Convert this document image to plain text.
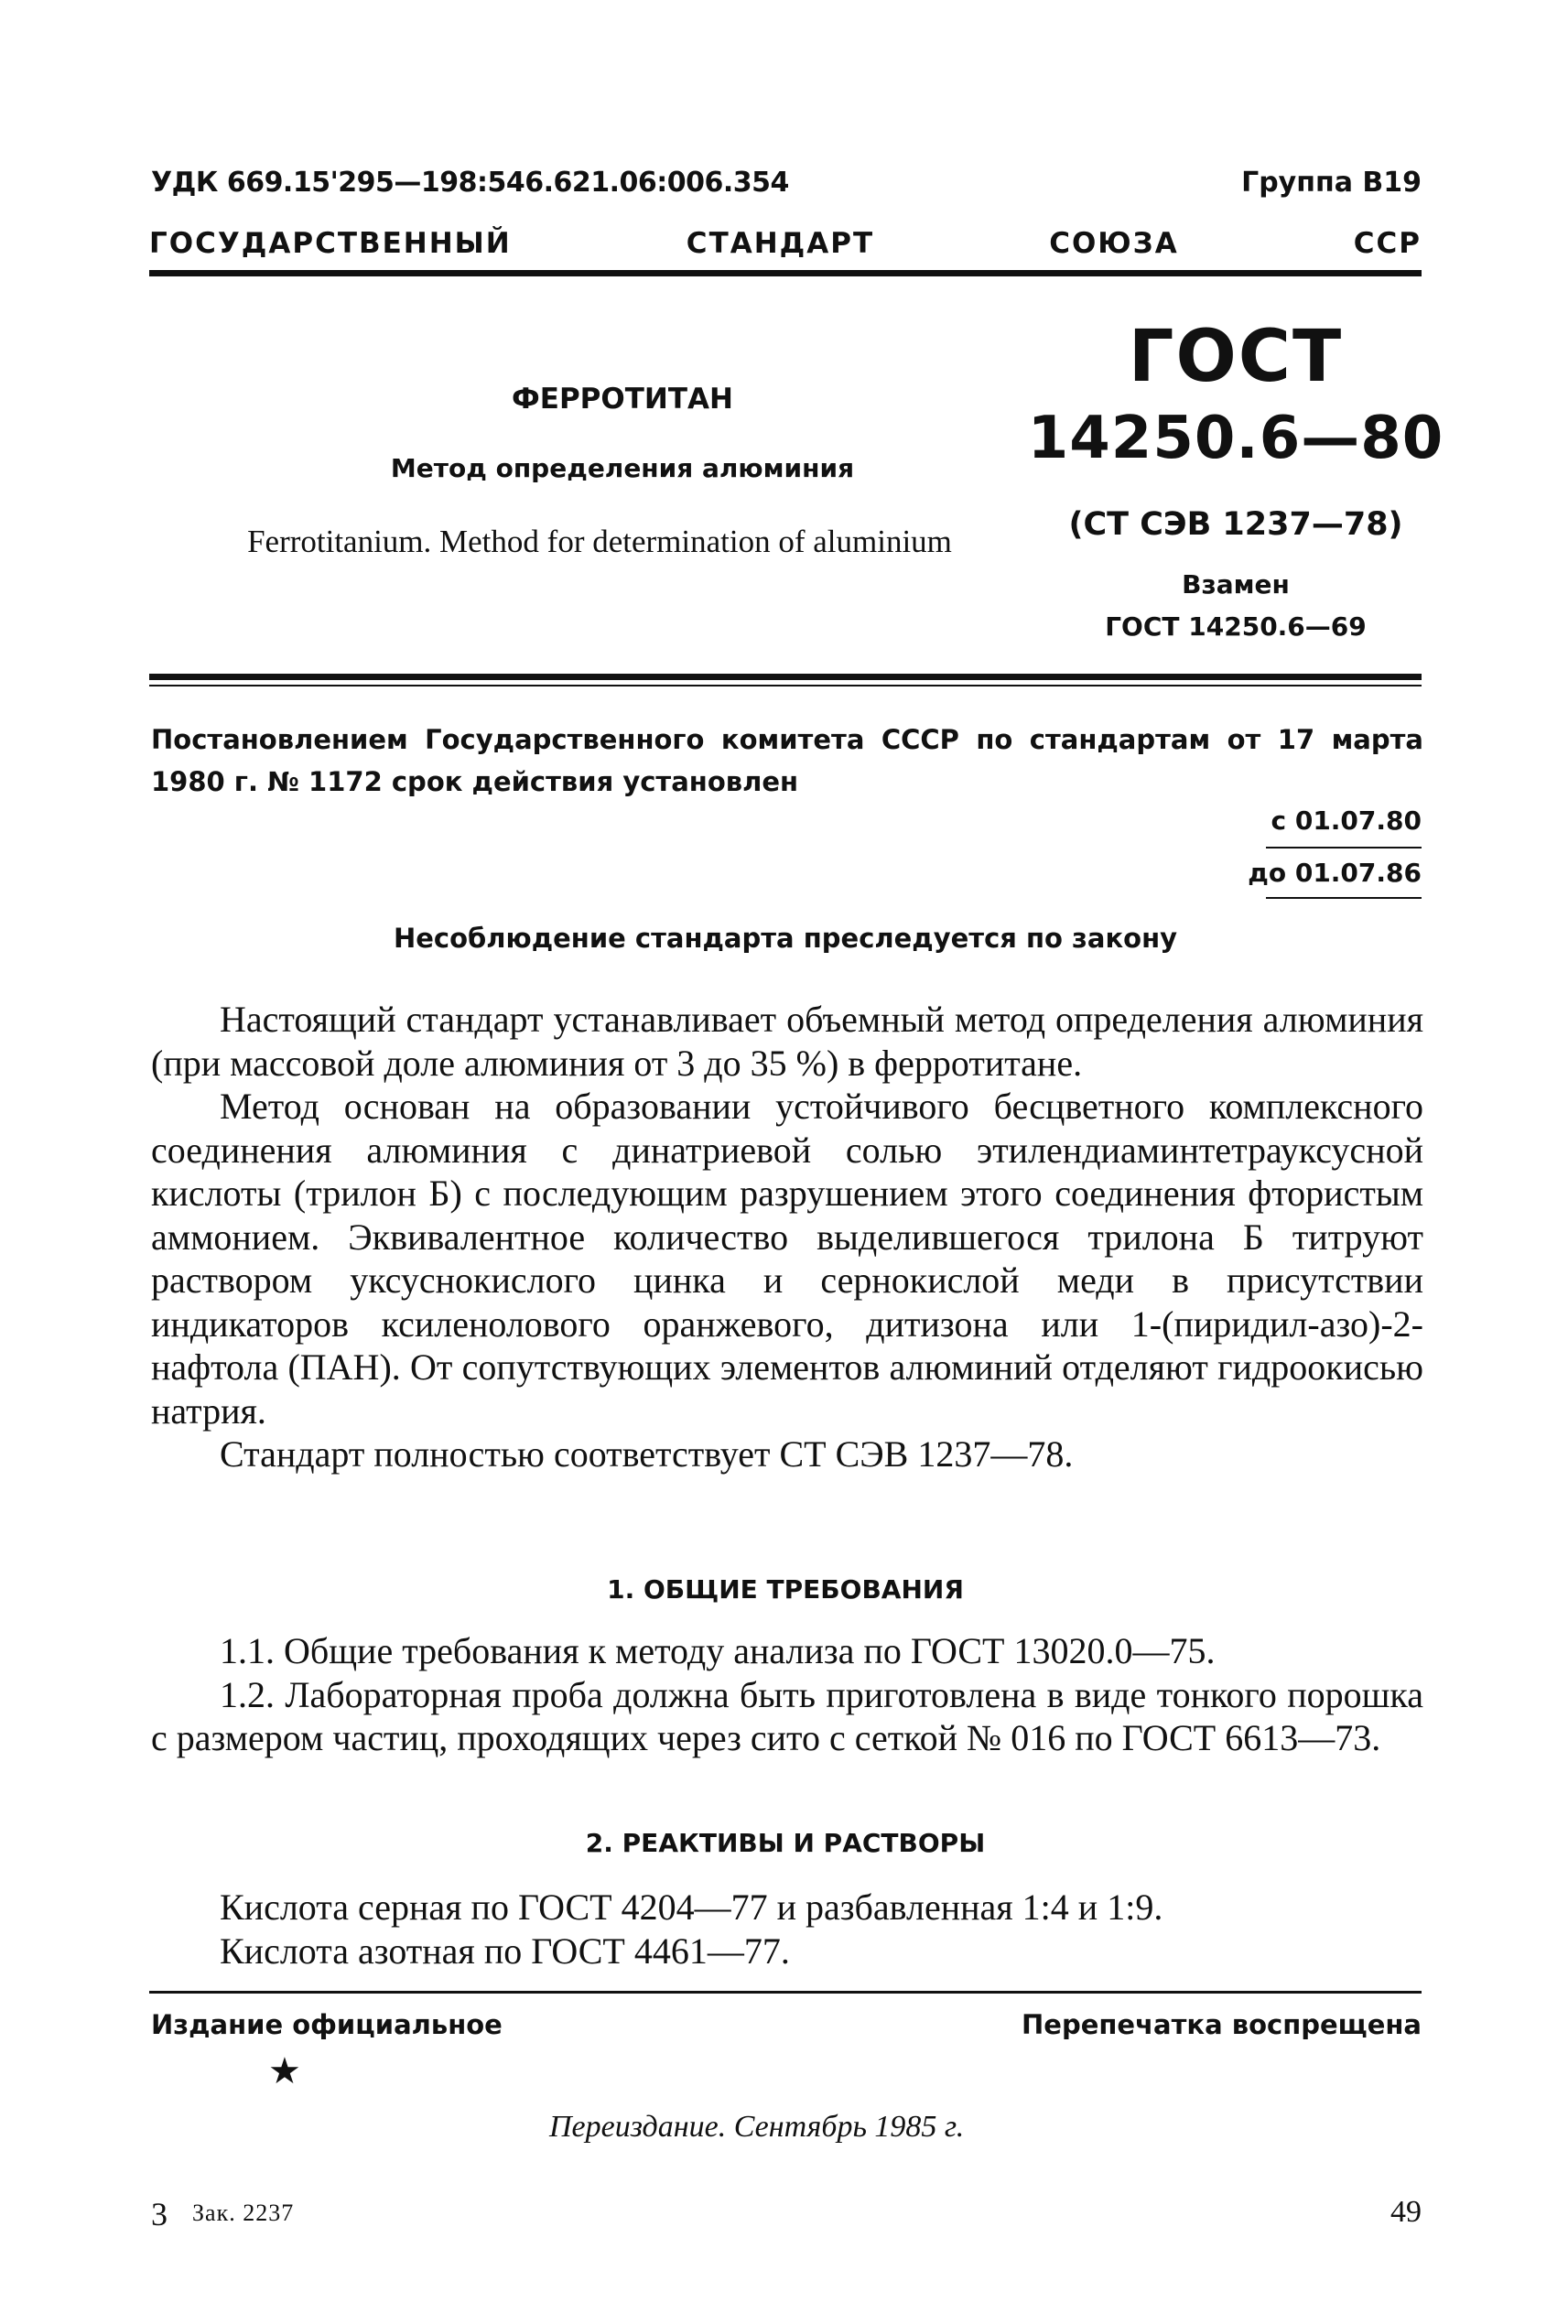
УДК 669.15'295—198:546.621.06:006.354	Группа В19
ГОСУДАРСТВЕННЫЙ СТАНДАРТ СОЮЗА ССР
ФЕРРОТИТАН
Метод определения алюминия
Ferrotitanium. Method for determination of aluminium
ГОСТ
14250.6—80
(СТ СЭВ 1237—78)
Взамен
ГОСТ 14250.6—69
Постановлением Государственного комитета СССР по стандартам от 17 марта 1980 г. № 1172 срок действия установлен
с 01.07.80
до 01.07.86
Несоблюдение стандарта преследуется по закону

Настоящий стандарт устанавливает объемный метод определения алюминия (при массовой доле алюминия от 3 до 35 %) в ферротитане.

Метод основан на образовании устойчивого бесцветного комплексного соединения алюминия с динатриевой солью этилендиаминтетрауксусной кислоты (трилон Б) с последующим разрушением этого соединения фтористым аммонием. Эквивалентное количество выделившегося трилона Б титруют раствором уксуснокислого цинка и сернокислой меди в присутствии индикаторов ксиленолового оранжевого, дитизона или 1-(пиридил-азо)-2-нафтола (ПАН). От сопутствующих элементов алюминий отделяют гидроокисью натрия.

Стандарт полностью соответствует СТ СЭВ 1237—78.

1. ОБЩИЕ ТРЕБОВАНИЯ

1.1. Общие требования к методу анализа по ГОСТ 13020.0—75.

1.2. Лабораторная проба должна быть приготовлена в виде тонкого порошка с размером частиц, проходящих через сито с сеткой № 016 по ГОСТ 6613—73.

2. РЕАКТИВЫ И РАСТВОРЫ

Кислота серная по ГОСТ 4204—77 и разбавленная 1:4 и 1:9.

Кислота азотная по ГОСТ 4461—77.

Издание официальное	Перепечатка воспрещена
★
Переиздание. Сентябрь 1985 г.
3 Зак. 2237	49
